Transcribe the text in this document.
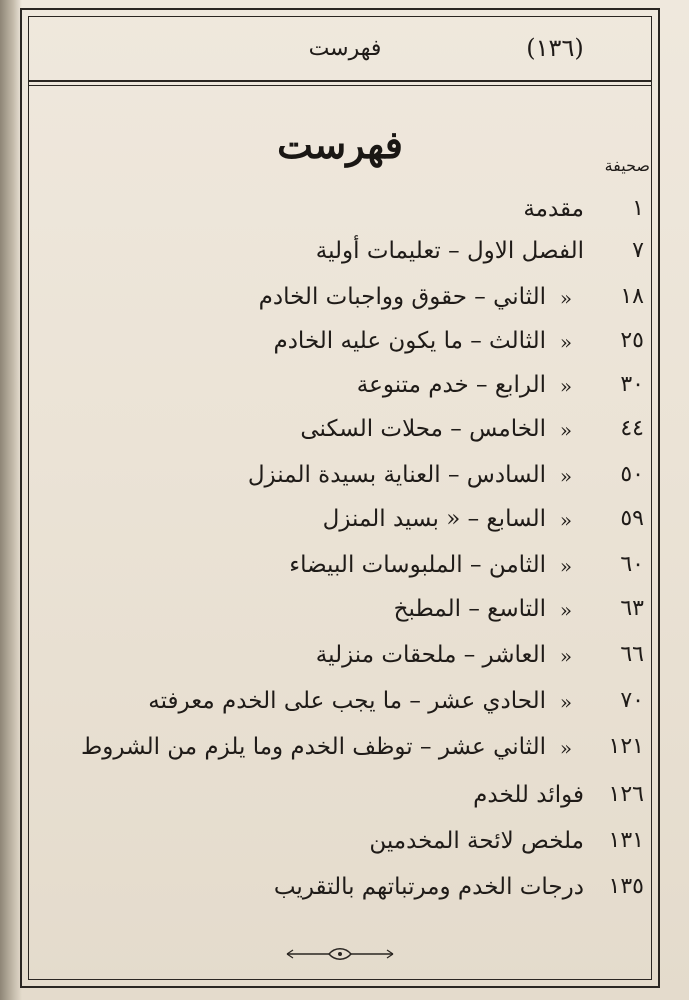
فهرست	(١٣٦)
فهرست	صحيفة
١
مقدمة
٧
الفصل الاول – تعليمات أولية
١٨
«
الثاني – حقوق وواجبات الخادم
٢٥
«
الثالث – ما يكون عليه الخادم
٣٠
«
الرابع – خدم متنوعة
٤٤
«
الخامس – محلات السكنى
٥٠
«
السادس – العناية بسيدة المنزل
٥٩
«
السابع – « بسيد المنزل
٦٠
«
الثامن – الملبوسات البيضاء
٦٣
«
التاسع – المطبخ
٦٦
«
العاشر – ملحقات منزلية
٧٠
«
الحادي عشر – ما يجب على الخدم معرفته
١٢١
«
الثاني عشر – توظف الخدم وما يلزم من الشروط
١٢٦
فوائد للخدم
١٣١
ملخص لائحة المخدمين
١٣٥
درجات الخدم ومرتباتهم بالتقريب
